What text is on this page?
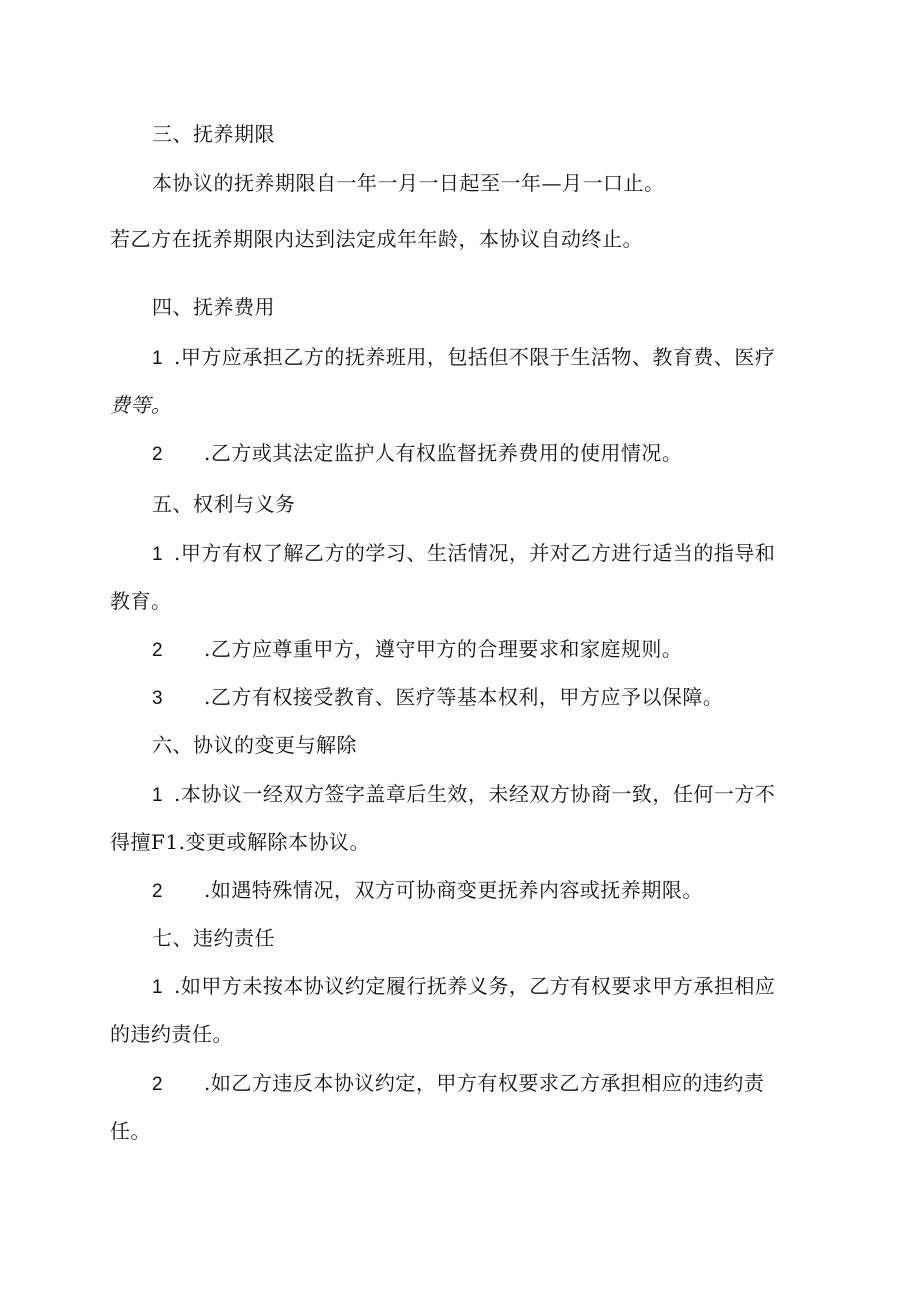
三、抚养期限

本协议的抚养期限自一年一月一日起至一年—月一口止。

若乙方在抚养期限内达到法定成年年龄，本协议自动终止。

四、抚养费用

1 .甲方应承担乙方的抚养班用，包括但不限于生活物、教育费、医疗

费等。

2 .乙方或其法定监护人有权监督抚养费用的使用情况。

五、权利与义务

1 .甲方有权了解乙方的学习、生活情况，并对乙方进行适当的指导和

教育。

2 .乙方应尊重甲方，遵守甲方的合理要求和家庭规则。

3 .乙方有权接受教育、医疗等基本权利，甲方应予以保障。

六、协议的变更与解除

1 .本协议一经双方签字盖章后生效，未经双方协商一致，任何一方不

得擅F1.变更或解除本协议。

2 .如遇特殊情况，双方可协商变更抚养内容或抚养期限。

七、违约责任

1 .如甲方未按本协议约定履行抚养义务，乙方有权要求甲方承担相应

的违约责任。

2 .如乙方违反本协议约定，甲方有权要求乙方承担相应的违约责

任。
